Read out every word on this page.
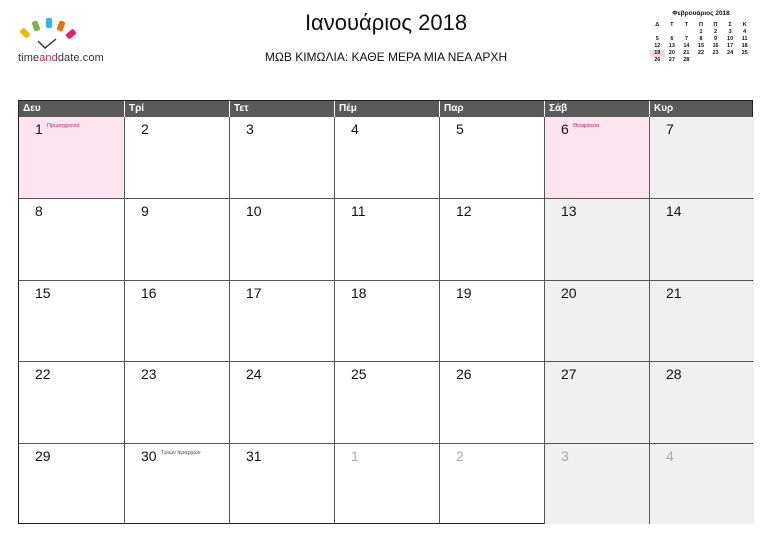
timeanddate.com
Ιανουάριος 2018
ΜΩΒ ΚΙΜΩΛΙΑ: ΚΑΘΕ ΜΕΡΑ ΜΙΑ ΝΕΑ ΑΡΧΗ
Φεβρουάριος 2018
Δ	Τ	Τ	Π	Π	Σ	Κ
			1	2	3	4
5	6	7	8	9	10	11
12	13	14	15	16	17	18
19	20	21	22	23	24	25
26	27	28				
Δευ	Τρί	Τετ	Πέμ	Παρ	Σάβ	Κυρ
1 Πρωτοχρονιά	2	3	4	5	6 Θεοφάνεια	7
8	9	10	11	12	13	14
15	16	17	18	19	20	21
22	23	24	25	26	27	28
29	30 Τριών Ιεραρχών	31	1	2	3	4
